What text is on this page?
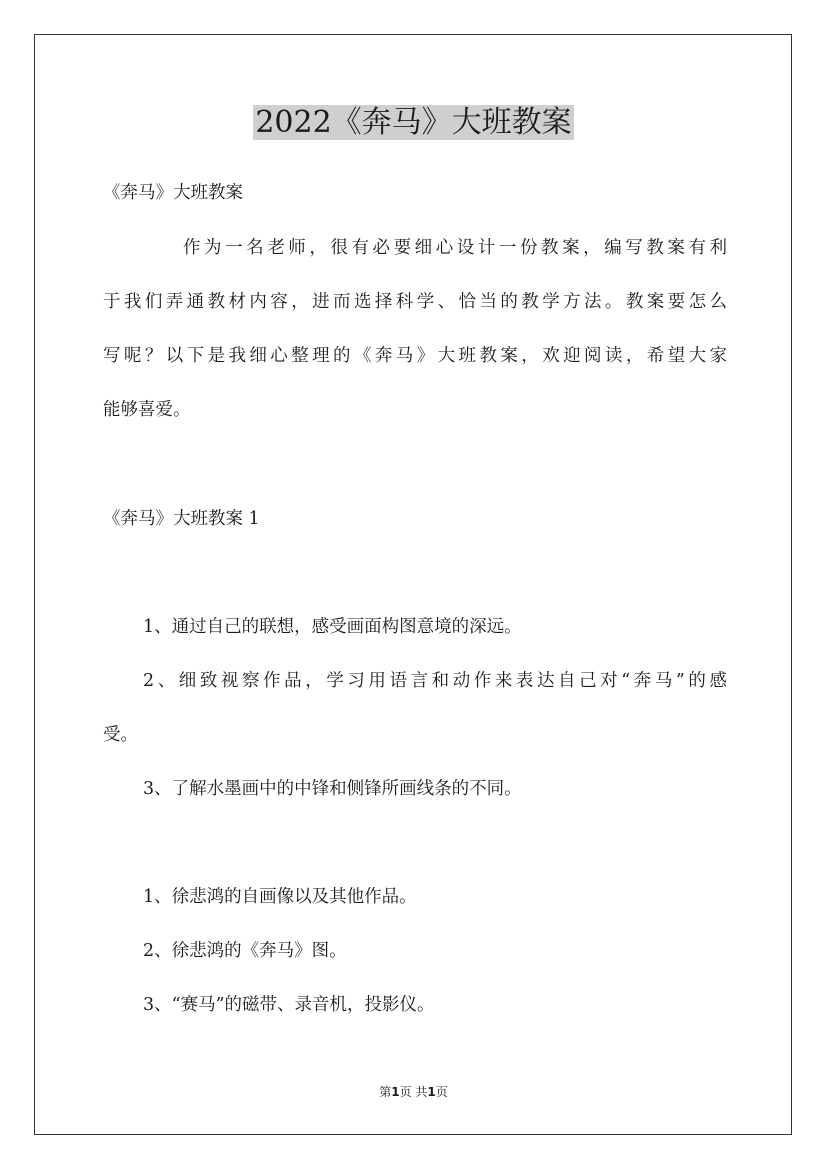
2022《奔马》大班教案
《奔马》大班教案
作为一名老师，很有必要细心设计一份教案，编写教案有利
于我们弄通教材内容，进而选择科学、恰当的教学方法。教案要怎么
写呢？以下是我细心整理的《奔马》大班教案，欢迎阅读，希望大家
能够喜爱。
《奔马》大班教案 1
1、通过自己的联想，感受画面构图意境的深远。
2、细致视察作品，学习用语言和动作来表达自己对“奔马”的感
受。
3、了解水墨画中的中锋和侧锋所画线条的不同。
1、徐悲鸿的自画像以及其他作品。
2、徐悲鸿的《奔马》图。
3、“赛马”的磁带、录音机，投影仪。
第1页 共1页
